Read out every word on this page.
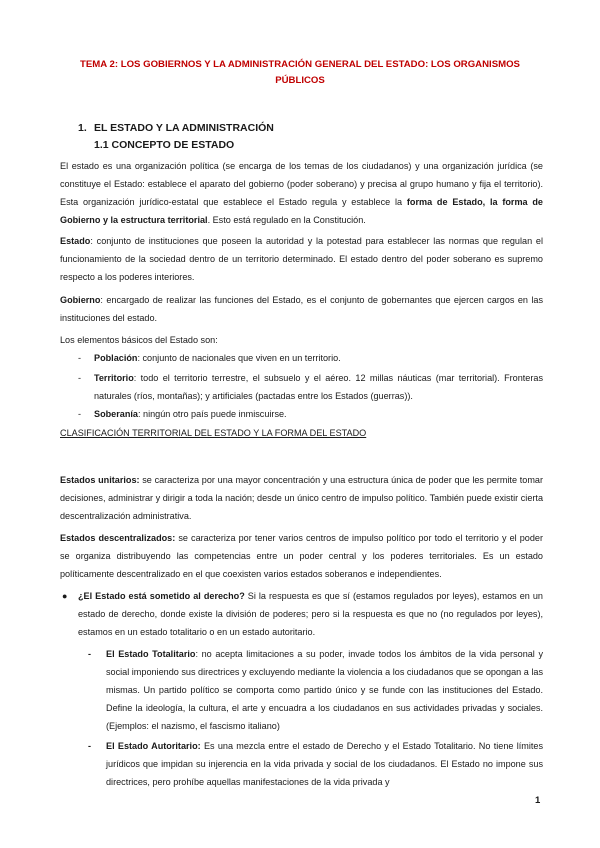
TEMA 2: LOS GOBIERNOS Y LA ADMINISTRACIÓN GENERAL DEL ESTADO: LOS ORGANISMOS PÚBLICOS
1. EL ESTADO Y LA ADMINISTRACIÓN
1.1 CONCEPTO DE ESTADO

El estado es una organización política (se encarga de los temas de los ciudadanos) y una organización jurídica (se constituye el Estado: establece el aparato del gobierno (poder soberano) y precisa al grupo humano y fija el territorio). Esta organización jurídico-estatal que establece el Estado regula y establece la forma de Estado, la forma de Gobierno y la estructura territorial. Esto está regulado en la Constitución.

Estado: conjunto de instituciones que poseen la autoridad y la potestad para establecer las normas que regulan el funcionamiento de la sociedad dentro de un territorio determinado. El estado dentro del poder soberano es supremo respecto a los poderes interiores.

Gobierno: encargado de realizar las funciones del Estado, es el conjunto de gobernantes que ejercen cargos en las instituciones del estado.

Los elementos básicos del Estado son:

- Población: conjunto de nacionales que viven en un territorio.
- Territorio: todo el territorio terrestre, el subsuelo y el aéreo. 12 millas náuticas (mar territorial). Fronteras naturales (ríos, montañas); y artificiales (pactadas entre los Estados (guerras)).
- Soberanía: ningún otro país puede inmiscuirse.
CLASIFICACIÓN TERRITORIAL DEL ESTADO Y LA FORMA DEL ESTADO

Estados unitarios: se caracteriza por una mayor concentración y una estructura única de poder que les permite tomar decisiones, administrar y dirigir a toda la nación; desde un único centro de impulso político. También puede existir cierta descentralización administrativa.

Estados descentralizados: se caracteriza por tener varios centros de impulso político por todo el territorio y el poder se organiza distribuyendo las competencias entre un poder central y los poderes territoriales. Es un estado políticamente descentralizado en el que coexisten varios estados soberanos e independientes.

● ¿El Estado está sometido al derecho? Si la respuesta es que sí (estamos regulados por leyes), estamos en un estado de derecho, donde existe la división de poderes; pero si la respuesta es que no (no regulados por leyes), estamos en un estado totalitario o en un estado autoritario.
- El Estado Totalitario: no acepta limitaciones a su poder, invade todos los ámbitos de la vida personal y social imponiendo sus directrices y excluyendo mediante la violencia a los ciudadanos que se opongan a las mismas. Un partido político se comporta como partido único y se funde con las instituciones del Estado. Define la ideología, la cultura, el arte y encuadra a los ciudadanos en sus actividades privadas y sociales. (Ejemplos: el nazismo, el fascismo italiano)
- El Estado Autoritario: Es una mezcla entre el estado de Derecho y el Estado Totalitario. No tiene límites jurídicos que impidan su injerencia en la vida privada y social de los ciudadanos. El Estado no impone sus directrices, pero prohíbe aquellas manifestaciones de la vida privada y
1
